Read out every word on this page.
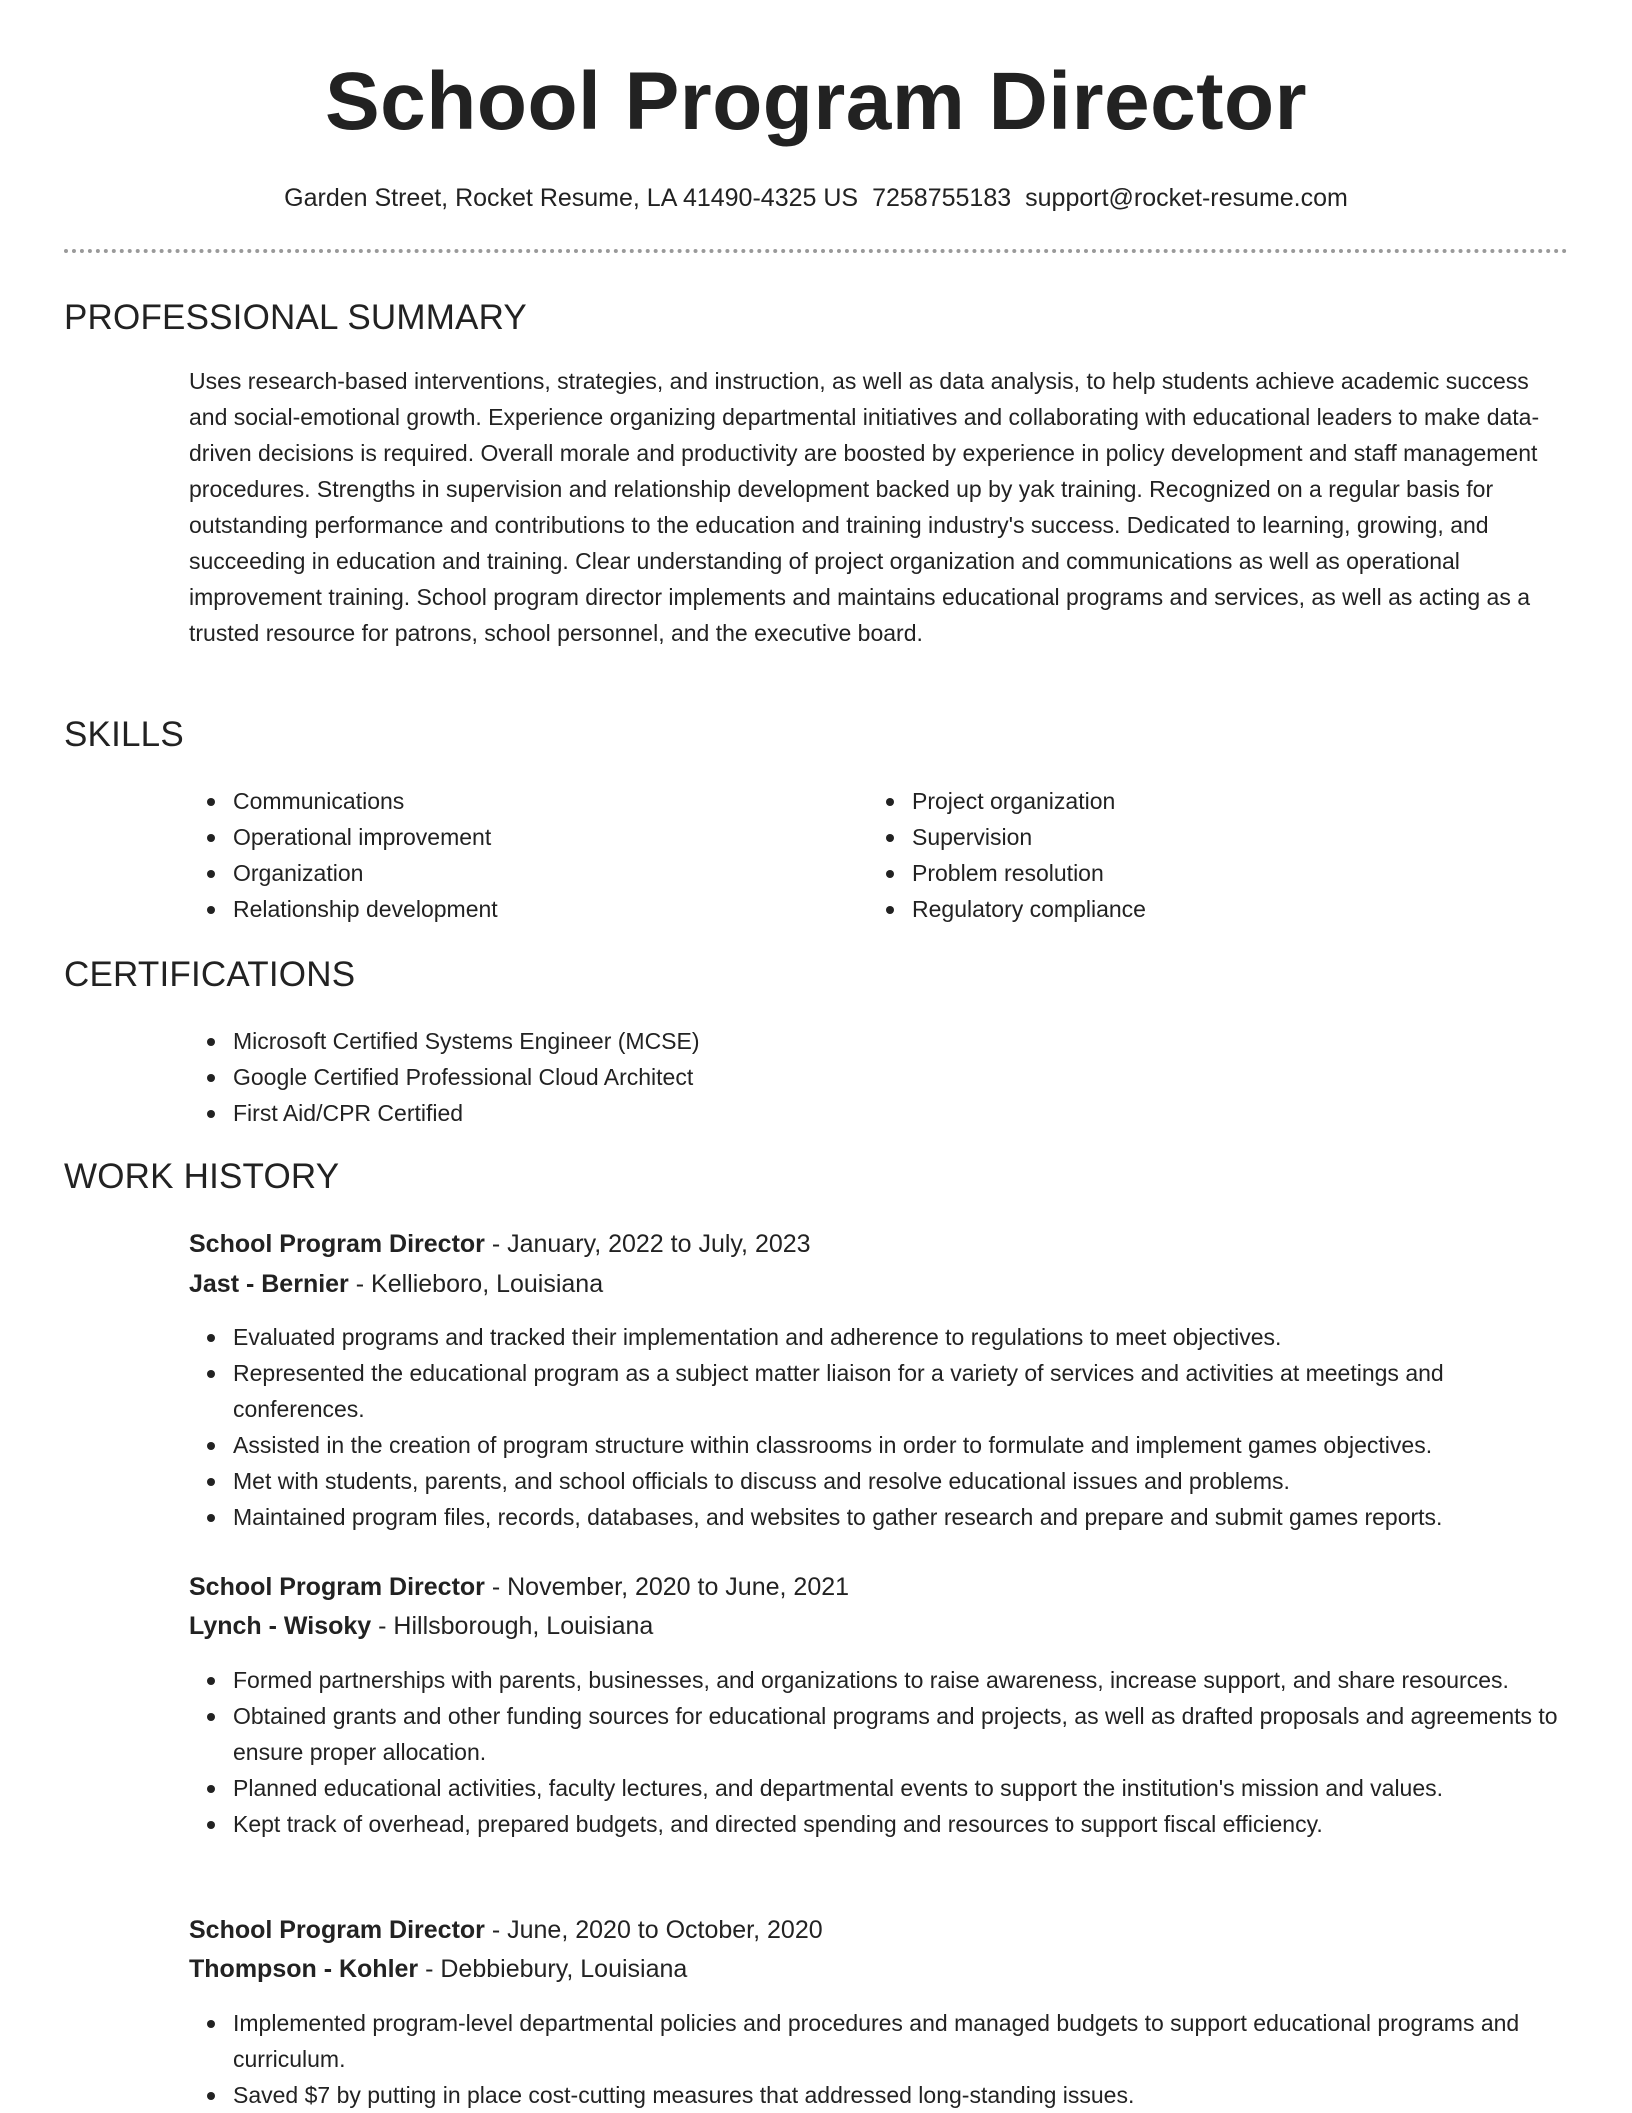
School Program Director
Garden Street, Rocket Resume, LA 41490-4325 US 7258755183 support@rocket-resume.com
PROFESSIONAL SUMMARY

Uses research-based interventions, strategies, and instruction, as well as data analysis, to help students achieve academic success and social-emotional growth. Experience organizing departmental initiatives and collaborating with educational leaders to make data-driven decisions is required. Overall morale and productivity are boosted by experience in policy development and staff management procedures. Strengths in supervision and relationship development backed up by yak training. Recognized on a regular basis for outstanding performance and contributions to the education and training industry's success. Dedicated to learning, growing, and succeeding in education and training. Clear understanding of project organization and communications as well as operational improvement training. School program director implements and maintains educational programs and services, as well as acting as a trusted resource for patrons, school personnel, and the executive board.

SKILLS
Communications
Operational improvement
Organization
Relationship development
Project organization
Supervision
Problem resolution
Regulatory compliance
CERTIFICATIONS
Microsoft Certified Systems Engineer (MCSE)
Google Certified Professional Cloud Architect
First Aid/CPR Certified
WORK HISTORY
School Program Director - January, 2022 to July, 2023
Jast - Bernier - Kellieboro, Louisiana
Evaluated programs and tracked their implementation and adherence to regulations to meet objectives.
Represented the educational program as a subject matter liaison for a variety of services and activities at meetings and conferences.
Assisted in the creation of program structure within classrooms in order to formulate and implement games objectives.
Met with students, parents, and school officials to discuss and resolve educational issues and problems.
Maintained program files, records, databases, and websites to gather research and prepare and submit games reports.
School Program Director - November, 2020 to June, 2021
Lynch - Wisoky - Hillsborough, Louisiana
Formed partnerships with parents, businesses, and organizations to raise awareness, increase support, and share resources.
Obtained grants and other funding sources for educational programs and projects, as well as drafted proposals and agreements to ensure proper allocation.
Planned educational activities, faculty lectures, and departmental events to support the institution's mission and values.
Kept track of overhead, prepared budgets, and directed spending and resources to support fiscal efficiency.
School Program Director - June, 2020 to October, 2020
Thompson - Kohler - Debbiebury, Louisiana
Implemented program-level departmental policies and procedures and managed budgets to support educational programs and curriculum.
Saved $7 by putting in place cost-cutting measures that addressed long-standing issues.
